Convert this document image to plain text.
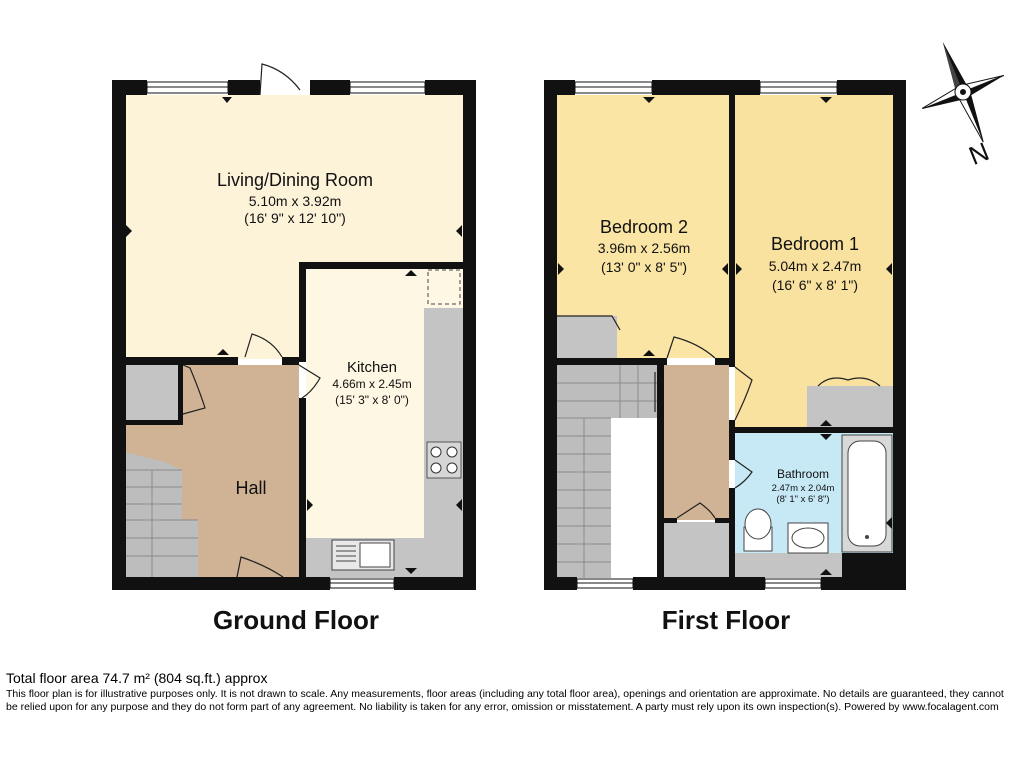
N
Living/Dining Room
5.10m x 3.92m
(16' 9" x 12' 10")
Kitchen
4.66m x 2.45m
(15' 3" x 8' 0")
Hall
Bedroom 2
3.96m x 2.56m
(13' 0" x 8' 5")
Bedroom 1
5.04m x 2.47m
(16' 6" x 8' 1")
Bathroom
2.47m x 2.04m
(8' 1" x 6' 8")
Ground Floor	First Floor
Total floor area 74.7 m² (804 sq.ft.) approx
This floor plan is for illustrative purposes only. It is not drawn to scale. Any measurements, floor areas (including any total floor area), openings and orientation are approximate. No details are guaranteed, they cannot be relied upon for any purpose and they do not form part of any agreement. No liability is taken for any error, omission or misstatement. A party must rely upon its own inspection(s). Powered by www.focalagent.com
